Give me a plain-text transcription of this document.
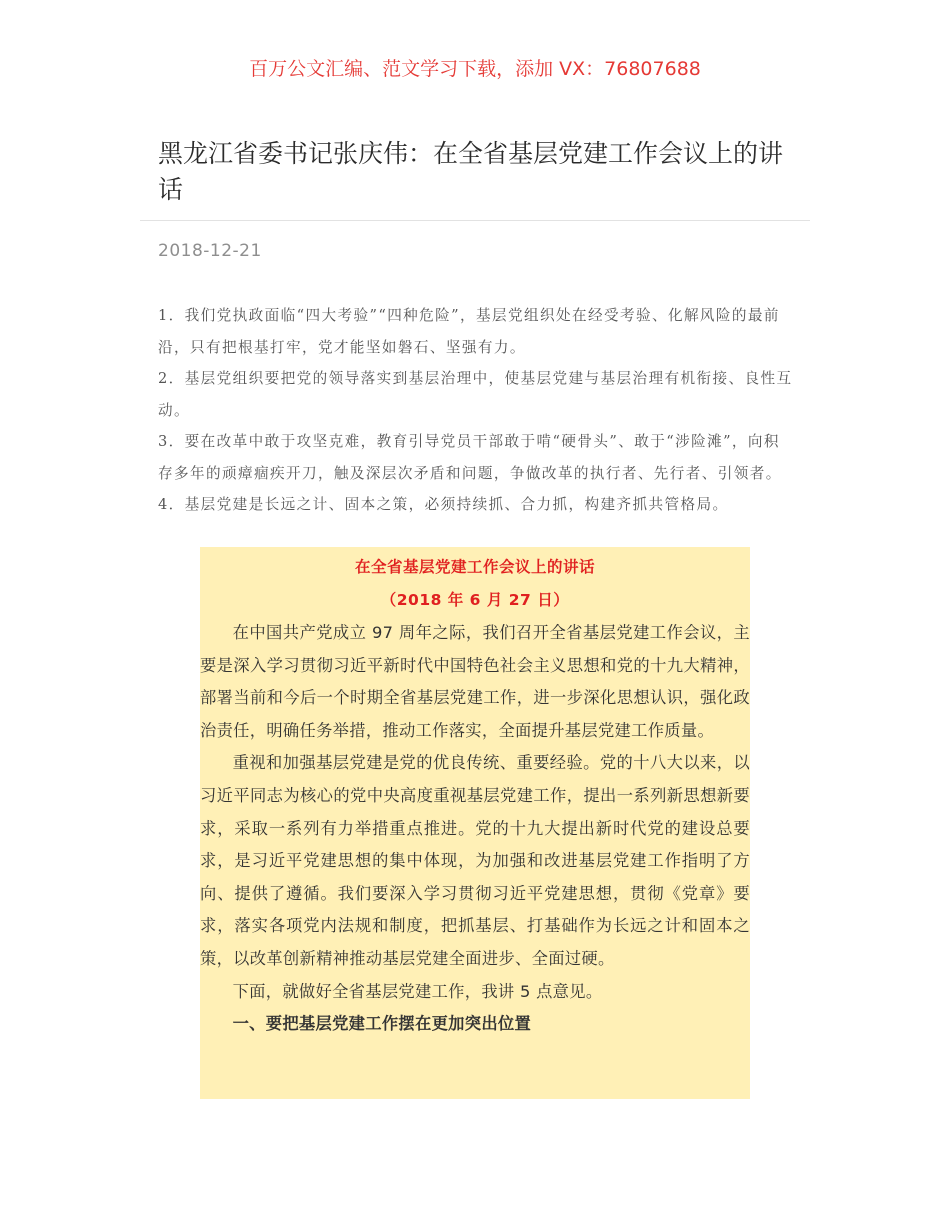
百万公文汇编、范文学习下载，添加 VX：76807688
黑龙江省委书记张庆伟：在全省基层党建工作会议上的讲话
2018-12-21

1．我们党执政面临“四大考验”“四种危险”，基层党组织处在经受考验、化解风险的最前沿，只有把根基打牢，党才能坚如磐石、坚强有力。

2．基层党组织要把党的领导落实到基层治理中，使基层党建与基层治理有机衔接、良性互动。

3．要在改革中敢于攻坚克难，教育引导党员干部敢于啃“硬骨头”、敢于“涉险滩”，向积存多年的顽瘴痼疾开刀，触及深层次矛盾和问题，争做改革的执行者、先行者、引领者。

4．基层党建是长远之计、固本之策，必须持续抓、合力抓，构建齐抓共管格局。

在全省基层党建工作会议上的讲话

（2018 年 6 月 27 日）

在中国共产党成立 97 周年之际，我们召开全省基层党建工作会议，主要是深入学习贯彻习近平新时代中国特色社会主义思想和党的十九大精神，部署当前和今后一个时期全省基层党建工作，进一步深化思想认识，强化政治责任，明确任务举措，推动工作落实，全面提升基层党建工作质量。

重视和加强基层党建是党的优良传统、重要经验。党的十八大以来，以习近平同志为核心的党中央高度重视基层党建工作，提出一系列新思想新要求，采取一系列有力举措重点推进。党的十九大提出新时代党的建设总要求，是习近平党建思想的集中体现，为加强和改进基层党建工作指明了方向、提供了遵循。我们要深入学习贯彻习近平党建思想，贯彻《党章》要求，落实各项党内法规和制度，把抓基层、打基础作为长远之计和固本之策，以改革创新精神推动基层党建全面进步、全面过硬。

下面，就做好全省基层党建工作，我讲 5 点意见。

一、要把基层党建工作摆在更加突出位置
